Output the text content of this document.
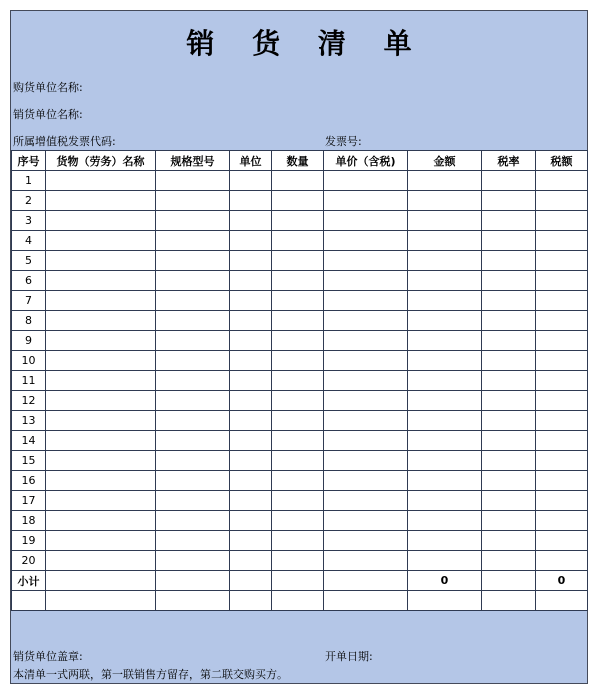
销 货 清 单
购货单位名称:
销货单位名称:
所属增值税发票代码:	发票号:
序号	货物（劳务）名称	规格型号	单位	数量	单价（含税)	金额	税率	税额
1								
2								
3								
4								
5								
6								
7								
8								
9								
10								
11								
12								
13								
14								
15								
16								
17								
18								
19								
20								
小计						0		0

销货单位盖章:	开单日期:
本清单一式两联，第一联销售方留存，第二联交购买方。
